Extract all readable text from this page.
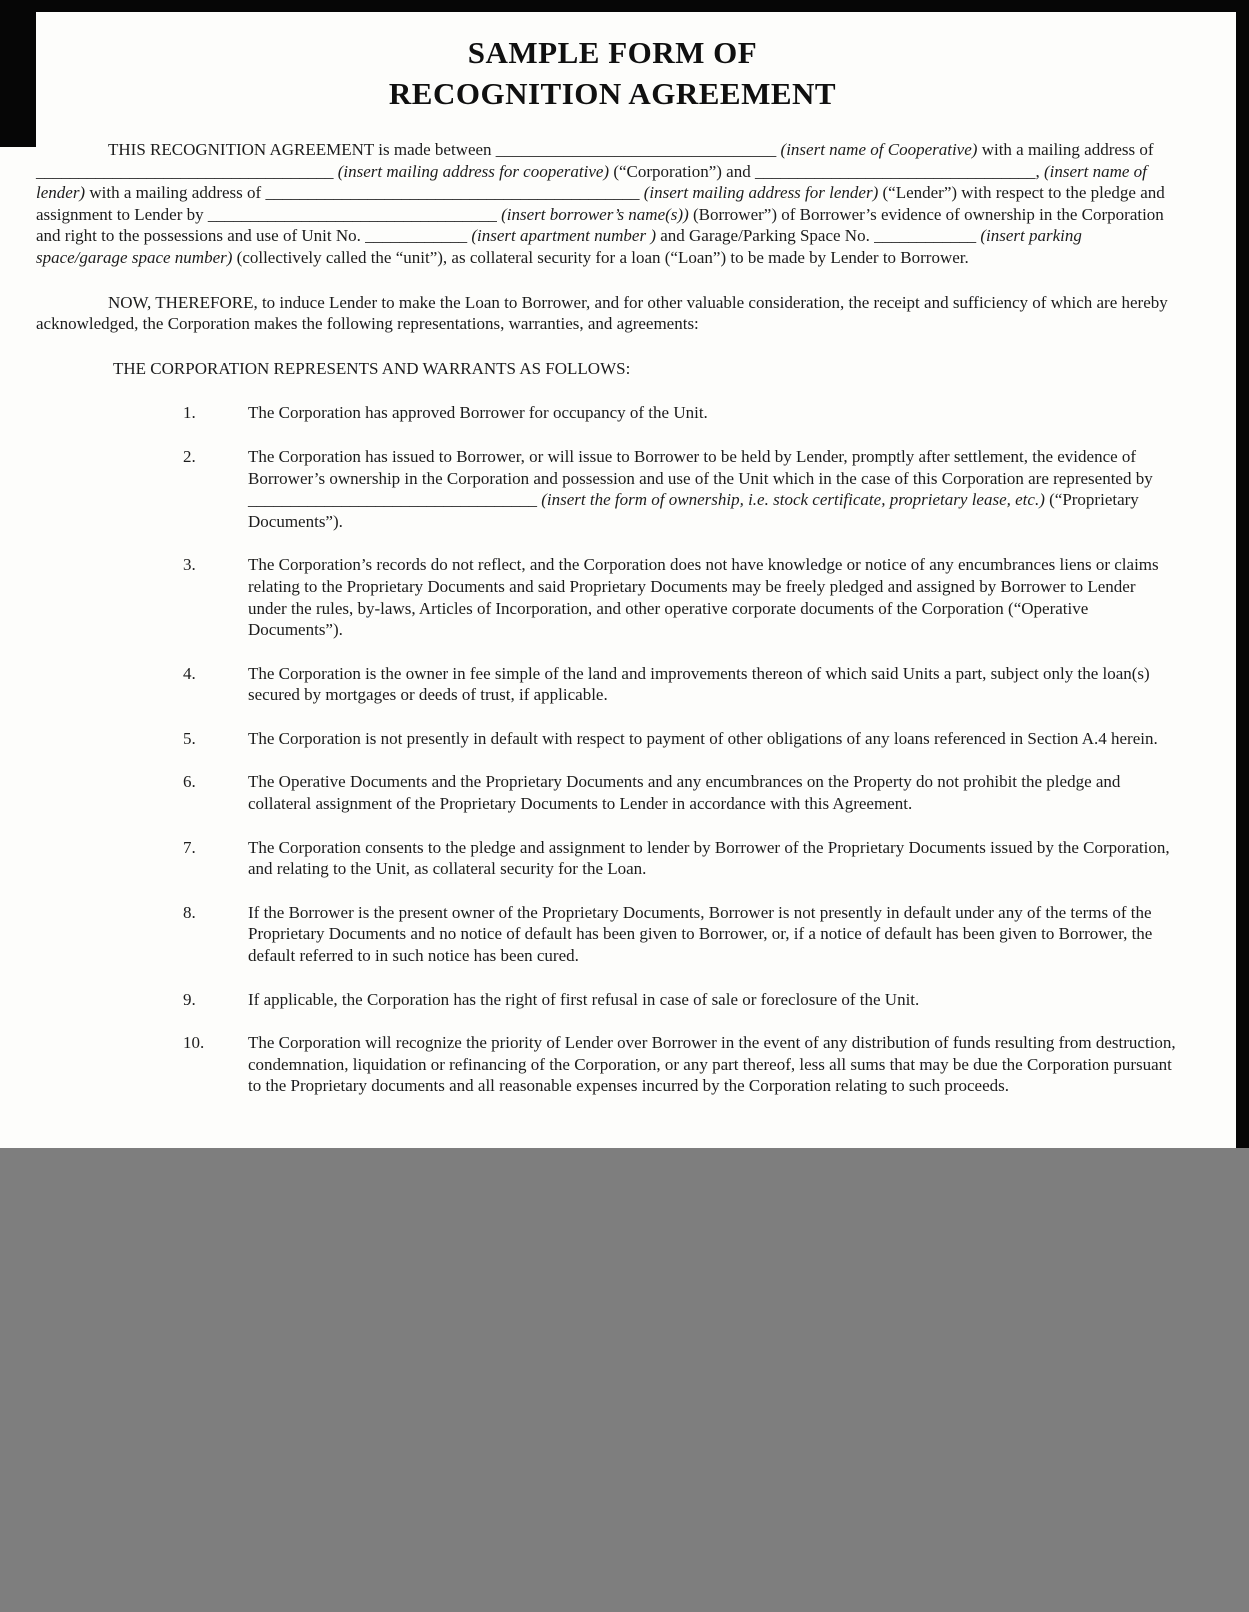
SAMPLE FORM OF
RECOGNITION AGREEMENT

THIS RECOGNITION AGREEMENT is made between _________________________________ (insert name of Cooperative) with a mailing address of ___________________________________ (insert mailing address for cooperative) (“Corporation”) and _________________________________, (insert name of lender) with a mailing address of ____________________________________________ (insert mailing address for lender) (“Lender”) with respect to the pledge and assignment to Lender by __________________________________ (insert borrower’s name(s)) (Borrower”) of Borrower’s evidence of ownership in the Corporation and right to the possessions and use of Unit No. ____________ (insert apartment number ) and Garage/Parking Space No. ____________ (insert parking space/garage space number) (collectively called the “unit”), as collateral security for a loan (“Loan”) to be made by Lender to Borrower.

NOW, THEREFORE, to induce Lender to make the Loan to Borrower, and for other valuable consideration, the receipt and sufficiency of which are hereby acknowledged, the Corporation makes the following representations, warranties, and agreements:

THE CORPORATION REPRESENTS AND WARRANTS AS FOLLOWS:

1.	The Corporation has approved Borrower for occupancy of the Unit.
2.	The Corporation has issued to Borrower, or will issue to Borrower to be held by Lender, promptly after settlement, the evidence of Borrower’s ownership in the Corporation and possession and use of the Unit which in the case of this Corporation are represented by __________________________________ (insert the form of ownership, i.e. stock certificate, proprietary lease, etc.) (“Proprietary Documents”).
3.	The Corporation’s records do not reflect, and the Corporation does not have knowledge or notice of any encumbrances liens or claims relating to the Proprietary Documents and said Proprietary Documents may be freely pledged and assigned by Borrower to Lender under the rules, by-laws, Articles of Incorporation, and other operative corporate documents of the Corporation (“Operative Documents”).
4.	The Corporation is the owner in fee simple of the land and improvements thereon of which said Units a part, subject only the loan(s) secured by mortgages or deeds of trust, if applicable.
5.	The Corporation is not presently in default with respect to payment of other obligations of any loans referenced in Section A.4 herein.
6.	The Operative Documents and the Proprietary Documents and any encumbrances on the Property do not prohibit the pledge and collateral assignment of the Proprietary Documents to Lender in accordance with this Agreement.
7.	The Corporation consents to the pledge and assignment to lender by Borrower of the Proprietary Documents issued by the Corporation, and relating to the Unit, as collateral security for the Loan.
8.	If the Borrower is the present owner of the Proprietary Documents, Borrower is not presently in default under any of the terms of the Proprietary Documents and no notice of default has been given to Borrower, or, if a notice of default has been given to Borrower, the default referred to in such notice has been cured.
9.	If applicable, the Corporation has the right of first refusal in case of sale or foreclosure of the Unit.
10.	The Corporation will recognize the priority of Lender over Borrower in the event of any distribution of funds resulting from destruction, condemnation, liquidation or refinancing of the Corporation, or any part thereof, less all sums that may be due the Corporation pursuant to the Proprietary documents and all reasonable expenses incurred by the Corporation relating to such proceeds.
